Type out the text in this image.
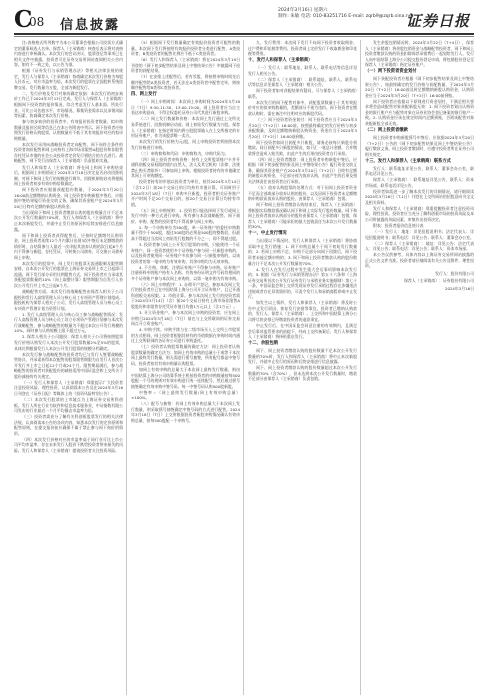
C
08 信息披露
2024年3月16日 星期六
制作: 朱敏 电话: 010-83251716 E-mail: zqrb9@zqrb.sina.net
证券日报
注:表格格式所列数字为本公司董事会根据公司投票方式确定的董事候选人名单。保荐人（主承销商）核查后表示将对表格内容进行审核确认。本次发行的会议决议、股票登记等事项已在相关文件中披露，投资者可在证券交易所网站查阅相关公告内容。如有不一致之处，以公告为准。
根据《证券发行与承销管理办法》等相关法律法规的规定，发行人与保荐人（主承销商）协商确定本次发行价格为每股人民币元，对应市盈率为倍。本次发行的股票在全国股转系统挂牌交易，发行数量为万股，全部为新股发行。
二、发行价格及发行对象的确定依据：本次发行的初步询价工作已于2024年3月13日完成，发行人与保荐人（主承销商）根据网下投资者的报价情况，综合考虑发行人基本面、所处行业、可比公司估值水平、市场情况、募集资金需求以及承销风险等因素，协商确定本次发行价格。
参与初步询价的投资者中，有效报价投资者数量、拟申购数量及报价区间等信息已在本公告附表中列示。网下投资者应按照发行价格认购股票，认购数量应不低于其有效报价对应的拟申购数量。
本次发行采用向战略投资者定向配售、网下向符合条件的投资者询价配售和网上向持有上海市场非限售A股股份和非限售存托凭证市值的社会公众投资者定价发行相结合的方式进行。战略配售、网下发行由保荐人（主承销商）负责组织实施。
发行人和保荐人（主承销商）将在网上和网下申购结束后，根据网上申购情况于2024年3月18日决定是否启动回拨机制，对网下和网上发行的规模进行调节。回拨机制的启动将根据网上投资者初步有效申购倍数确定。
网下投资者应根据获配股份数量，于2024年3月20日16:00前足额缴纳认购资金。网上投资者申购新股中签后，应根据中签结果履行资金交收义务，确保其资金账户在2024年3月20日日终有足额的新股认购资金。
当出现网下和网上投资者缴款认购的股份数量合计不足本次公开发行数量的70%时，发行人和保荐人（主承销商）将中止本次新股发行，并就中止发行的原因和后续安排进行信息披露。
网下和网上投资者获得配售后，应按时足额缴付认购资金。网上投资者连续12个月内累计出现3次中签后未足额缴款的情形时，自结算参与人最近一次申报其放弃认购的次日起6个月内不得参与新股、存托凭证、可转换公司债券、可交换公司债券网上申购。
本次发行的股票中，网上发行的股票无流通限制及限售期安排，自本次公开发行的股票在上海证券交易所上市之日起即可流通。网下发行部分采用比例限售方式，网下投资者应当承诺其获配股票数量的10%（向上取整计算）限售期限为自发行人首次公开发行并上市之日起6个月。
战略配售方面，本次发行的战略配售由保荐人相关子公司跟投和发行人高级管理人员与核心员工专项资产管理计划组成。跟投机构为保荐人相关子公司，发行人高级管理人员与核心员工专项资产管理计划为资管计划。
1. 发行人高级管理人员与核心员工参与战略配售情况：发行人高级管理人员与核心员工设立专项资产管理计划参与本次发行战略配售，参与战略配售的数量为不超过本次公开发行规模的10%，同时参与认购规模上限不超过万元。
2. 保荐人相关子公司跟投：保荐人相关子公司将按照股票发行价格认购发行人本次公开发行股票数量2%至5%的股票，具体比例根据发行人本次公开发行股票的规模分档确定。
本次发行参与战略配售的投资者均已与发行人签署战略配售协议，并承诺获得本次配售的股票限售期限为自发行人首次公开发行并上市之日起12个月或24个月。限售期届满后，参与战略配售的投资者对获配股份的减持适用中国证监会和上交所关于股份减持的有关规定。
（一）发行人和保荐人（主承销商）郑重提示广大投资者注意投资风险，理性投资，认真阅读本公告及在2024年3月16日刊登在《证券日报》等媒体上的《投资风险特别公告》。
（二）本次发行股票的上市地点为上海证券交易所科创板。发行人所在行业为软件和信息技术服务业，中证指数有限公司发布的行业最近一个月平均静态市盈率为倍。
（三）投资者需充分了解有关科创板股票发行的相关法律法规，认真阅读本公告的各项内容，知悉本次发行的定价原则和配售原则，在提交报价前应确保不属于禁止参与网下询价的情形。
（四）本次发行价格对应的市盈率高于同行业可比上市公司平均市盈率，存在未来发行人股价下跌给投资者带来损失的风险。发行人和保荐人（主承销商）提请投资者关注投资风险。
（5）根据网下发行数量确定有效报价投资者可配售的数量。本次网下发行将按照有效报价投资者分类进行配售，A类投资者、B类投资者的配售比例应不低于C类投资者。
（6）发行人和保荐人（主承销商）将在2024年3月19日刊登的《网下初步配售结果及网上中签结果公告》中披露网下投资者的获配结果。
（7）在安排上述配售后，若有零股，将按照申购时间先后顺序配售给A类投资者，若无法在A类投资者中配售完毕，则按顺序配售给B类和C类投资者。
四、网上发行
（一）网上申购时间：本次网上申购时间为2024年3月18日（T日）9:30-11:30、13:00-15:00。网上投资者应当自主表达申购意向，不得全权委托证券公司代其进行新股申购。
（二）网上发行数量和价格：本次网上发行通过上交所交易系统进行，回拨机制启动前，网上初始发行数量为万股。保荐人（主承销商）在指定时间内将万股股票输入在上交所指定的专用证券账户，作为该股票唯一卖方。
本次发行的发行价格为元/股，网上申购投资者须按照本次发行价格进行申购。
（三）申购简称和代码：申购简称为，申购代码为。
（四）网上投资者申购资格：持有上交所股票账户卡并开通科创板交易权限的境内自然人、法人及其它机构（法律、法规禁止购买者除外）可参加网上申购。根据投资者持有的市值确定其网上可申购额度。
投资者持有的市值以投资者为单位，按其2024年3月14日（含T-2日）前20个交易日的日均持有市值计算，可同时用于2024年3月18日（T日）申购多只新股。投资者相关证券账户开户时间不足20个交易日的，按20个交易日计算日均持有市值。
（五）网上申购规则：1. 投资者只能选择网下发行或网上发行中的一种方式进行申购。所有参与本次战略配售、网下询价、申购、配售的投资者均不得再参与网上申购。
2. 每一个申购单位为500股，单一证券账户的委托申购数量不得少于500股，超过500股的必须是500股的整数倍，但最高不得超过当次网上初始发行股数的千分之一，即不得超过股。
3. 投资者参与网上公开发行股票的申购，只能使用一个证券账户。同一投资者使用多个证券账户参与同一只新股申购的，以及投资者使用同一证券账户多次参与同一只新股申购的，以该投资者的第一笔申购为有效申购，其余申购均为无效申购。
4. 不合格、休眠、注销证券账户不得参与申购。证券账户注册资料中的账户持有人名称、有效身份证明文件号码均相同的多个证券账户参与本次网上申购的，以第一笔申购为有效申购。
（六）网上申购程序：1. 办理开户登记。参加本次网上发行的投资者应已在中国结算上海分公司开立证券账户，且已开通科创板交易权限。2. 市值计算。参与本次网上发行的投资者需于2024年3月14日（含）前20个交易日持有上海市场非限售A股股份和非限售存托凭证市值日均值1万元以上（含1万元）。
3. 开立资金账户。参与本次网上申购的投资者，应在网上申购日2024年3月18日（T日）前在与上交所联网的证券交易网点开立资金账户。
4. 申购手续。申购手续与在二级市场买入上交所上市股票的方式相同，网上投资者根据其持有的市值数据在申购时间内通过上交所联网的各证券公司进行申购委托。
（七）投资者认购股票数量的确定方法：网上投资者认购股票数量的确定方法为：如网上有效申购的总量小于或等于本次网上最终发行数量，则无需进行摇号抽签，所有配号都是中签号码，投资者按其有效申购量认购股票。
如网上有效申购的总量大于本次网上最终发行数量，则由中国结算上海分公司结算系统主机按投资者的申购数量按每500股配一个号的规则对有效申购进行统一连续配号，然后通过摇号抽签确定有效申购中签号码，每一中签号码认购500股新股。
中签率＝（网上最终发行数量/网上有效申购总量）×100%。
（八）配号与抽签：若网上有效申购总量大于本次网上发行数量，则采取摇号抽签确定中签号码的方式进行配售。2024年3月18日（T日）上交所根据投资者新股申购情况确认有效申购总量，按每500股配一个申购号。
九、发行费用：本次网下发行不向网下投资者收取佣金、过户费和印花税等费用。投资者网上定价发行不收取佣金和印花税等费用。
十、发行人和保荐人（主承销商）
（一）发行人：联系地址、联系人、联系电话等信息详见发行人相关公告。
（二）保荐人（主承销商）：联系地址、联系人、联系电话等信息详见保荐人（主承销商）相关公告。
网下投资者如对获配结果有疑问，可与保荐人（主承销商）联系。
本次发行的网下配售对象中，获配股票数量小于其有效报价对应的拟申购数量的，差额部分不视为违约。网下投资者在缴款认购时，需在备注中注明对应的新股代码。
（三）网下投资者资金划付：网下投资者应当于2024年3月20日（T+2日）16:00前，按照最终确定的发行价格与初步获配数量，及时足额缴纳新股认购资金。资金应当于2024年3月20日（T+2日）16:00前到账。
网下投资者如同日获配多只新股，请务必按每只新股分别缴款。同日获配多只新股的情况，如只汇一笔总计金额，合并缴款将会造成入账失败，由此产生的后果由投资者自行承担。
（四）网上投资者缴款：网上投资者申购新股中签后，应根据《网下初步配售结果及网上中签结果公告》履行资金交收义务，确保其资金账户在2024年3月20日（T+2日）日终有足额的新股认购资金，不足部分视为放弃认购，由此产生的后果及相关法律责任由投资者自行承担。
（五）放弃认购股票的处理方式：对于因网上投资者资金不足而全部或部分放弃认购的股份，以及因网下投资者未足额缴纳申购款而放弃认购的股份，由保荐人（主承销商）包销。
网下和网上投资者缴款认购结束后，保荐人（主承销商）将根据实际缴款情况确认网下和网上实际发行股份数量。网下和网上投资者放弃认购部分的股份由保荐人（主承销商）包销，保荐人（主承销商）可能承担的最大包销责任为本次公开发行数量的30%。
十一、中止发行情况
当出现以下情况时，发行人和保荐人（主承销商）将协商采取中止发行措施：1. 网下申购总量小于网下初始发行数量的；2. 若网上申购不足，申购不足部分向网下回拨后，网下投资者未能足额申购的；3. 网下和网上投资者缴款认购的股份数量合计不足本次公开发行数量的70%；
4. 发行人在发行过程中发生重大会后事项影响本次发行的；5. 根据《证券发行与承销管理办法》第五十六条和《上海证券交易所首次公开发行证券发行与承销业务实施细则》第七十一条，中国证监会和上交所发现证券发行承销过程存在涉嫌违法违规或者存在异常情形的，可责令发行人和承销商暂停或中止发行。
如发生以上情形，发行人和保荐人（主承销商）将及时公告中止发行原因、恢复发行安排等事宜。投资者已缴纳认购款的，发行人、保荐人（主承销商）、上交所和中国结算上海分公司将尽快安排已经缴款投资者的退款事宜。
中止发行后，在中国证监会同意注册的有效期内，且满足会后事项监管要求的前提下，经向上交所备案后，发行人和保荐人（主承销商）将择机重启发行。
十二、余股包销
网下、网上投资者缴款认购的股份数量不足本次公开发行数量的70%时，发行人和保荐人（主承销商）将中止本次新股发行，并就中止发行的原因和后续安排进行信息披露。
网下、网上投资者缴款认购的股份数量超过本次公开发行数量的70%（含70%），但未达到本次公开发行数量时，缴款不足部分由保荐人（主承销商）负责包销。
发生余股包销情况时，2024年3月22日（T+4日），保荐人（主承销商）将余股包销资金与战略配售投资者、网下和网上投资者缴款认购的资金扣除保荐承销费后一起划给发行人，发行人向中国结算上海分公司提交股份登记申请，将包销股份登记至保荐人（主承销商）指定证券账户。
（一）网下投资者资金划付
网下获配投资者应根据《网下初步配售结果及网上中签结果公告》，按最终确定的发行价格与获配数量，于2024年3月20日（T+2日）16:00前及时足额缴纳新股认购资金，认购资金应当于2024年3月20日（T+2日）16:00前到账。
网下投资者应依据以下原则进行资金划付，不满足相关要求将会造成配售对象获配新股无效：1. 网下投资者划出认购资金的银行账户应与配售对象在证券业协会登记备案的银行账户一致。2. 认购资金应该在规定时间内足额到账，否则该配售对象获配新股全部无效。
（二）网上投资者缴款
网上投资者申购新股摇号中签后，应依据2024年3月20日（T+2日）公告的《网下初步配售结果及网上中签结果公告》履行缴款义务。网上投资者缴款时，应遵守投资者所在证券公司相关规定。
十三、发行人和保荐人（主承销商）联系方式
发行人：联系地址详见公告，联系人：董事会办公室，联系电话详见公告。
保荐人（主承销商）：联系地址详见公告，联系人：资本市场部，联系电话详见公告。
投资者如需进一步了解本次发行的详细情况，请仔细阅读2024年3月16日（T-1日）刊登在上交所网站的招股意向书全文及相关资料。
发行人和保荐人（主承销商）郑重提醒投资者注意投资风险，理性投资。投资者应当充分了解科创板市场的投资风险及本公司所披露的风险因素，审慎作出投资决定。
附表：投资者报价信息统计表
（一）发行人：地址：详见招股说明书；法定代表人：详见招股说明书；联系电话：详见公告；联系人：董事会办公室。
（二）保荐人（主承销商）：地址：详见公告；法定代表人：详见公告；联系电话：详见公告；联系人：资本市场部。
本公告仅供参考，具体内容以上海证券交易所网站披露的正式公告文件为准。投资者请仔细阅读有关公告及附件，理性投资。
发行人：股份有限公司
保荐人（主承销商）：证券股份有限公司
2024年3月16日
